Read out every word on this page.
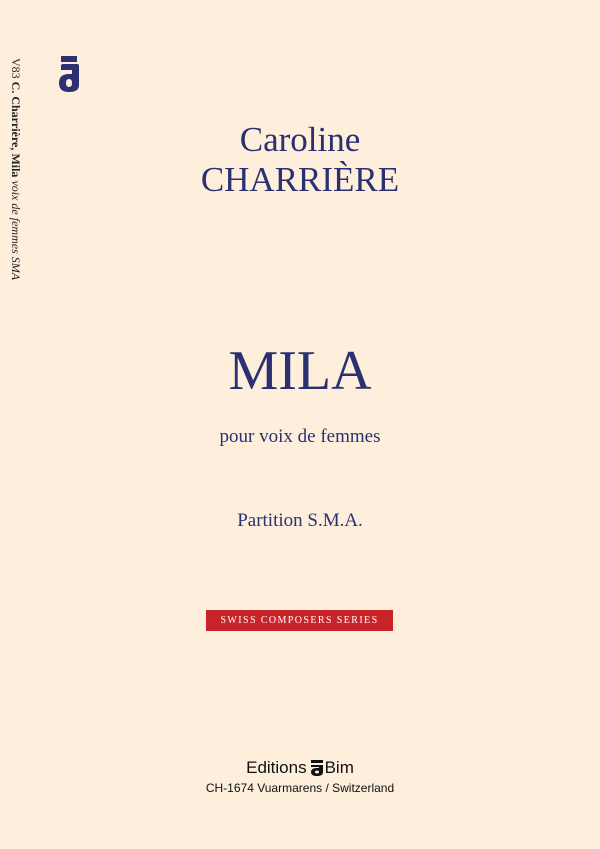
V83 C. Charrière, Mila voix de femmes SMA
Caroline
CHARRIÈRE
MILA
pour voix de femmes
Partition S.M.A.
SWISS COMPOSERS SERIES
Editions Bim
CH-1674 Vuarmarens / Switzerland
